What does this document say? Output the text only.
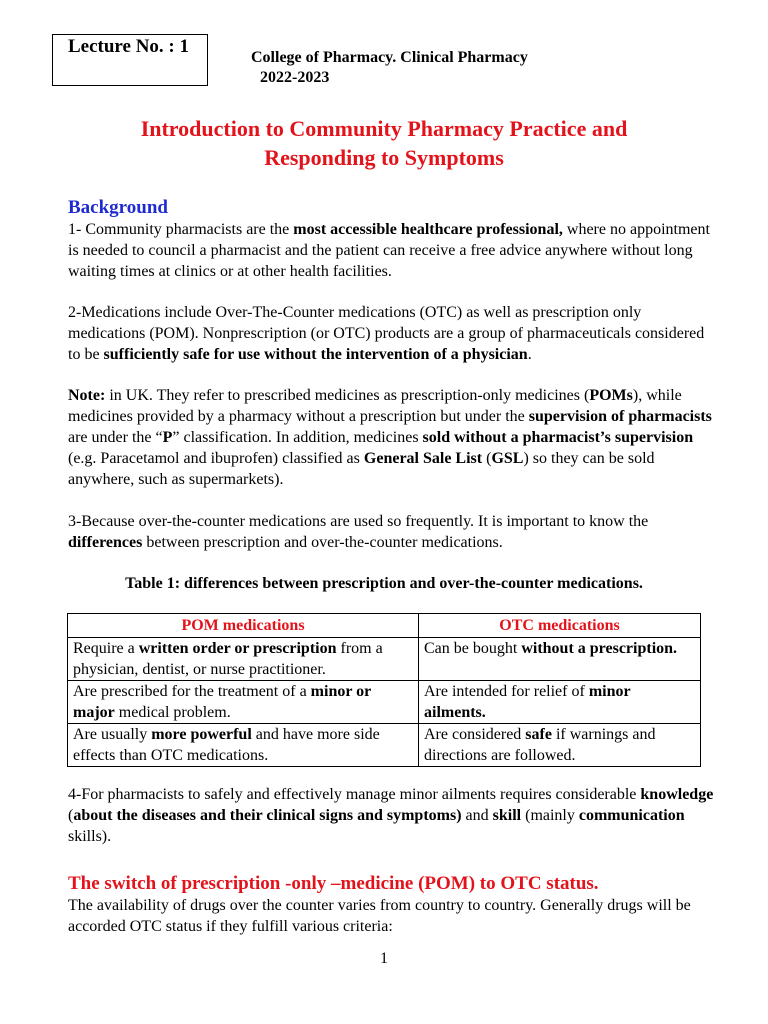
Lecture No. : 1
College of Pharmacy. Clinical Pharmacy
2022-2023
Introduction to Community Pharmacy Practice and
Responding to Symptoms
Background

1- Community pharmacists are the most accessible healthcare professional, where no appointment is needed to council a pharmacist and the patient can receive a free advice anywhere without long waiting times at clinics or at other health facilities.

2-Medications include Over-The-Counter medications (OTC) as well as prescription only medications (POM). Nonprescription (or OTC) products are a group of pharmaceuticals considered to be sufficiently safe for use without the intervention of a physician.

Note: in UK. They refer to prescribed medicines as prescription-only medicines (POMs), while medicines provided by a pharmacy without a prescription but under the supervision of pharmacists are under the “P” classification. In addition, medicines sold without a pharmacist’s supervision (e.g. Paracetamol and ibuprofen) classified as General Sale List (GSL) so they can be sold anywhere, such as supermarkets).

3-Because over-the-counter medications are used so frequently. It is important to know the differences between prescription and over-the-counter medications.

Table 1: differences between prescription and over-the-counter medications.
POM medications	OTC medications
Require a written order or prescription from a physician, dentist, or nurse practitioner.	Can be bought without a prescription.
Are prescribed for the treatment of a minor or major medical problem.	Are intended for relief of minor ailments.
Are usually more powerful and have more side effects than OTC medications.	Are considered safe if warnings and directions are followed.

4-For pharmacists to safely and effectively manage minor ailments requires considerable knowledge (about the diseases and their clinical signs and symptoms) and skill (mainly communication skills).

The switch of prescription -only –medicine (POM) to OTC status.

The availability of drugs over the counter varies from country to country. Generally drugs will be accorded OTC status if they fulfill various criteria:

1
